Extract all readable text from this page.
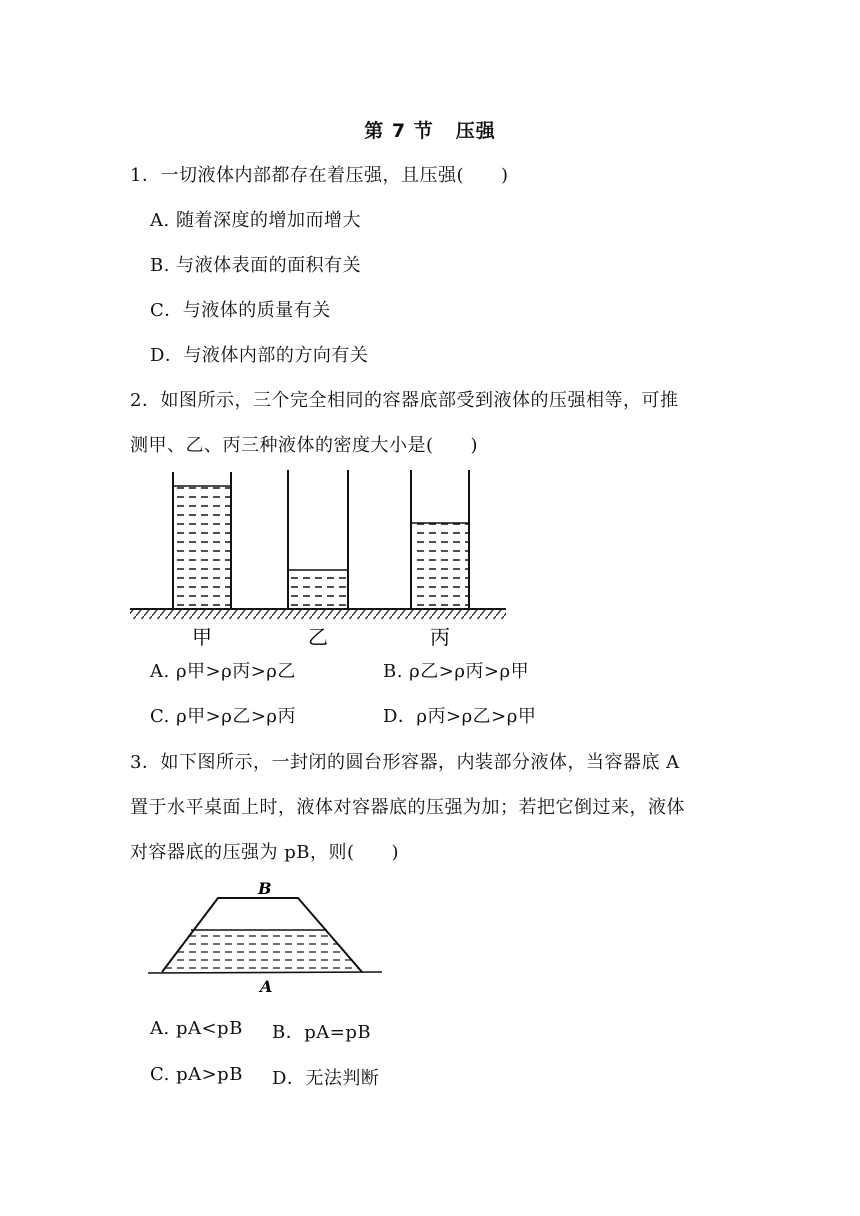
第 7 节 压强
1．一切液体内部都存在着压强，且压强(　　)
A. 随着深度的增加而增大
B. 与液体表面的面积有关
C．与液体的质量有关
D．与液体内部的方向有关
2．如图所示，三个完全相同的容器底部受到液体的压强相等，可推
测甲、乙、丙三种液体的密度大小是(　　)
甲	乙	丙
A. ρ甲>ρ丙>ρ乙	B. ρ乙>ρ丙>ρ甲
C. ρ甲>ρ乙>ρ丙	D．ρ丙>ρ乙>ρ甲
3．如下图所示，一封闭的圆台形容器，内装部分液体，当容器底 A
置于水平桌面上时，液体对容器底的压强为加；若把它倒过来，液体
对容器底的压强为 pB，则(　　)
B
A
A. pA<pB B．pA=pB
C. pA>pB D．无法判断
